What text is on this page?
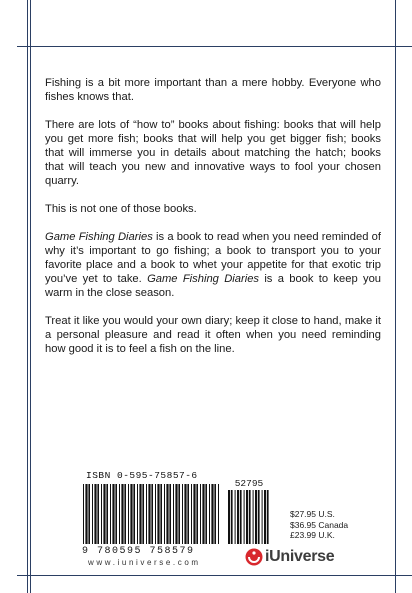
Fishing is a bit more important than a mere hobby. Everyone who fishes knows that.

There are lots of “how to” books about fishing: books that will help you get more fish; books that will help you get bigger fish; books that will immerse you in details about matching the hatch; books that will teach you new and innovative ways to fool your chosen quarry.

This is not one of those books.

Game Fishing Diaries is a book to read when you need reminded of why it’s important to go fishing; a book to transport you to your favorite place and a book to whet your appetite for that exotic trip you’ve yet to take. Game Fishing Diaries is a book to keep you warm in the close season.

Treat it like you would your own diary; keep it close to hand, make it a personal pleasure and read it often when you need reminding how good it is to feel a fish on the line.

ISBN 0-595-75857-6
52795
9 780595 758579
$27.95 U.S.
$36.95 Canada
£23.99 U.K.
iUniverse
www.iuniverse.com
